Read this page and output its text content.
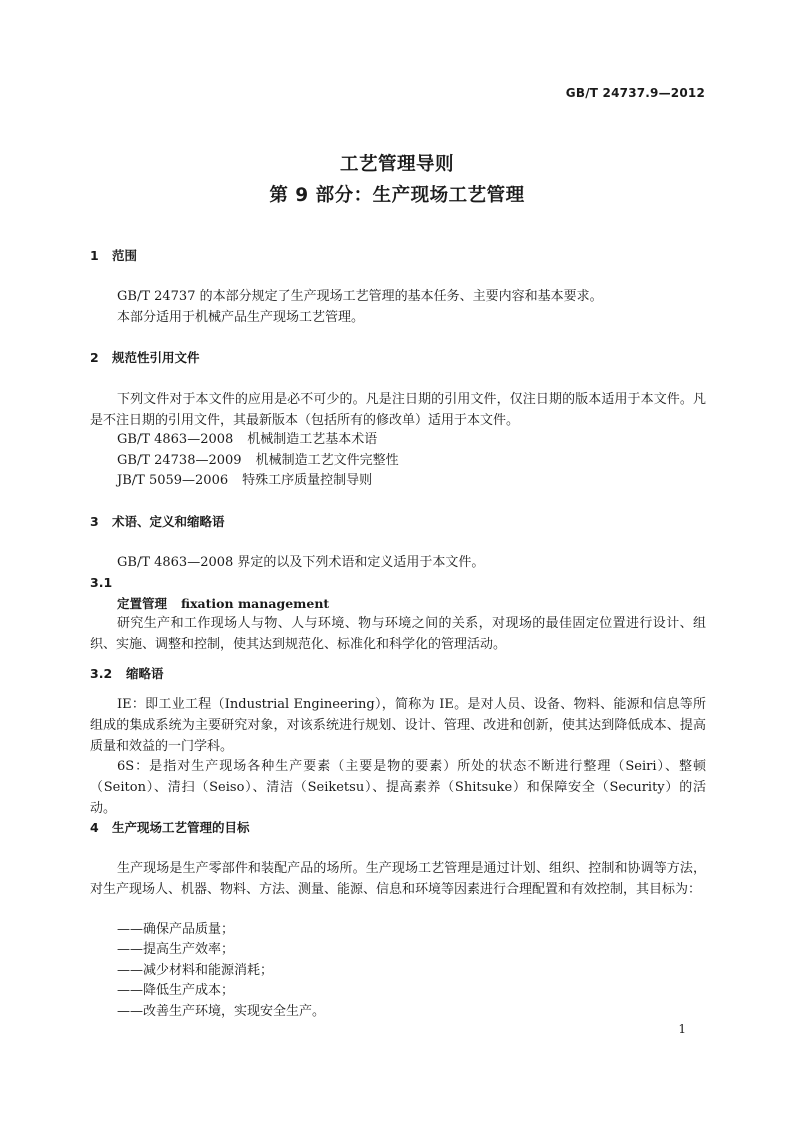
GB/T 24737.9—2012
工艺管理导则
第 9 部分：生产现场工艺管理
1 范围
GB/T 24737 的本部分规定了生产现场工艺管理的基本任务、主要内容和基本要求。
本部分适用于机械产品生产现场工艺管理。
2 规范性引用文件
下列文件对于本文件的应用是必不可少的。凡是注日期的引用文件，仅注日期的版本适用于本文件。凡是不注日期的引用文件，其最新版本（包括所有的修改单）适用于本文件。
GB/T 4863—2008 机械制造工艺基本术语
GB/T 24738—2009 机械制造工艺文件完整性
JB/T 5059—2006 特殊工序质量控制导则
3 术语、定义和缩略语
GB/T 4863—2008 界定的以及下列术语和定义适用于本文件。
3.1
定置管理 fixation management
研究生产和工作现场人与物、人与环境、物与环境之间的关系，对现场的最佳固定位置进行设计、组织、实施、调整和控制，使其达到规范化、标准化和科学化的管理活动。
3.2 缩略语
IE：即工业工程（Industrial Engineering），简称为 IE。是对人员、设备、物料、能源和信息等所组成的集成系统为主要研究对象，对该系统进行规划、设计、管理、改进和创新，使其达到降低成本、提高质量和效益的一门学科。
6S：是指对生产现场各种生产要素（主要是物的要素）所处的状态不断进行整理（Seiri）、整顿（Seiton）、清扫（Seiso）、清洁（Seiketsu）、提高素养（Shitsuke）和保障安全（Security）的活动。
4 生产现场工艺管理的目标
生产现场是生产零部件和装配产品的场所。生产现场工艺管理是通过计划、组织、控制和协调等方法，对生产现场人、机器、物料、方法、测量、能源、信息和环境等因素进行合理配置和有效控制，其目标为：
——确保产品质量；
——提高生产效率；
——减少材料和能源消耗；
——降低生产成本；
——改善生产环境，实现安全生产。
1
